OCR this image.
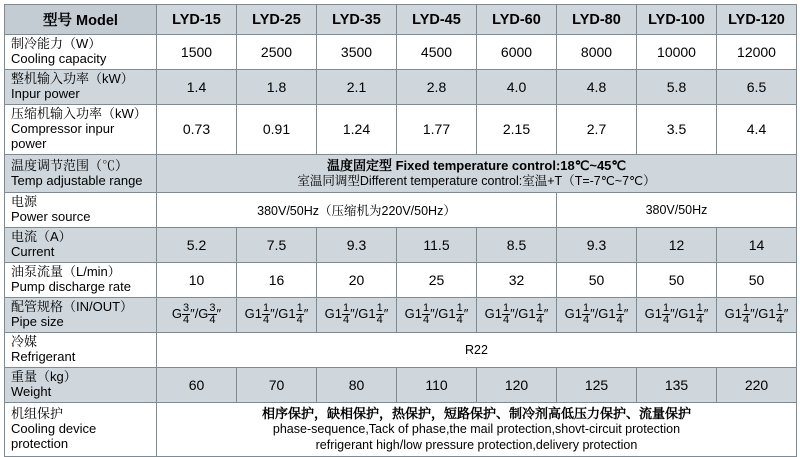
型号 Model	LYD-15	LYD-25	LYD-35	LYD-45	LYD-60	LYD-80	LYD-100	LYD-120

制冷能力（W）
Cooling capacity	1500	2500	3500	4500	6000	8000	10000	12000

整机输入功率（kW）
Inpur power	1.4	1.8	2.1	2.8	4.0	4.8	5.8	6.5

压缩机输入功率（kW）
Compressor inpur power	0.73	0.91	1.24	1.77	2.15	2.7	3.5	4.4

温度调节范围（℃）
Temp adjustable range

温度固定型 Fixed temperature control:18℃~45℃
室温同调型Different temperature control:室温+T（T=-7℃~7℃）

电源
Power source	380V/50Hz（压缩机为220V/50Hz）					380V/50Hz		

电流（A）
Current	5.2	7.5	9.3	11.5	8.5	9.3	12	14

油泵流量（L/min）
Pump discharge rate	10	16	20	25	32	50	50	50

配管规格（IN/OUT）
Pipe size
	G $\frac{3}{4} ''/G \frac{3}{4}$ ″	$G1 \frac{1}{4} ''/G1 \frac{1}{4}$ ″	$G1 \frac{1}{4} ''/G1 \frac{1}{4}$ ″	$G1 \frac{1}{4} ''/G1 \frac{1}{4}$ ″	$G1 \frac{1}{4} ''/G1 \frac{1}{4}$ ″	$G1 \frac{1}{4} ''/G1 \frac{1}{4}$ ″	$G1 \frac{1}{4} ''/G1 \frac{1}{4}$ ″	$G1 \frac{1}{4} ''/G1 \frac{1}{4}$ ″

冷媒
Refrigerant	R22							

重量（kg）
Weight	60	70	80	110	120	125	135	220

机组保护
Cooling device protection

相序保护，缺相保护，热保护，短路保护、制冷剂高低压力保护、流量保护
phase-sequence,Tack of phase,the mail protection,shovt-circuit protection
refrigerant high/low pressure protection,delivery protection
